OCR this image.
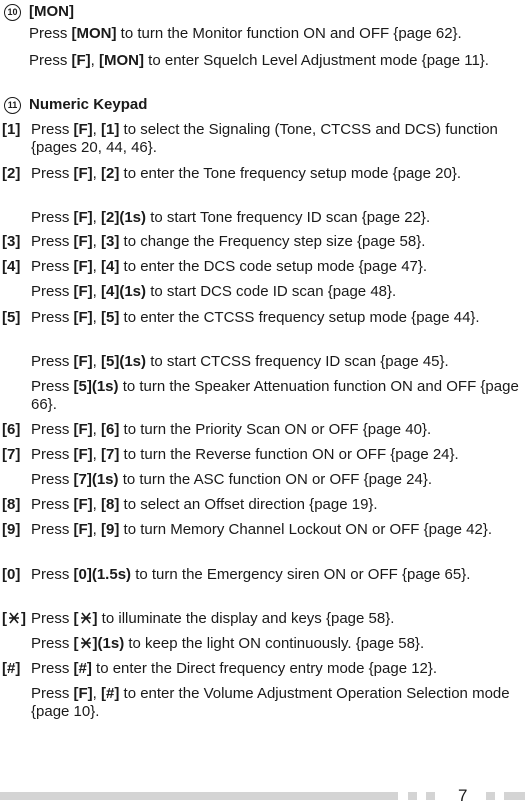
10 [MON]
Press [MON] to turn the Monitor function ON and OFF {page 62}.
Press [F], [MON] to enter Squelch Level Adjustment mode {page 11}.
11 Numeric Keypad
[1] Press [F], [1] to select the Signaling (Tone, CTCSS and DCS) function {pages 20, 44, 46}.
[2] Press [F], [2] to enter the Tone frequency setup mode {page 20}.
Press [F], [2](1s) to start Tone frequency ID scan {page 22}.
[3] Press [F], [3] to change the Frequency step size {page 58}.
[4] Press [F], [4] to enter the DCS code setup mode {page 47}.
Press [F], [4](1s) to start DCS code ID scan {page 48}.
[5] Press [F], [5] to enter the CTCSS frequency setup mode {page 44}.
Press [F], [5](1s) to start CTCSS frequency ID scan {page 45}.
Press [5](1s) to turn the Speaker Attenuation function ON and OFF {page 66}.
[6] Press [F], [6] to turn the Priority Scan ON or OFF {page 40}.
[7] Press [F], [7] to turn the Reverse function ON or OFF {page 24}.
Press [7](1s) to turn the ASC function ON or OFF {page 24}.
[8] Press [F], [8] to select an Offset direction {page 19}.
[9] Press [F], [9] to turn Memory Channel Lockout ON or OFF {page 42}.
[0] Press [0](1.5s) to turn the Emergency siren ON or OFF {page 65}.
[ ] Press [ ] to illuminate the display and keys {page 58}.
Press [ ](1s) to keep the light ON continuously. {page 58}.
[#] Press [#] to enter the Direct frequency entry mode {page 12}.
Press [F], [#] to enter the Volume Adjustment Operation Selection mode {page 10}.
7
